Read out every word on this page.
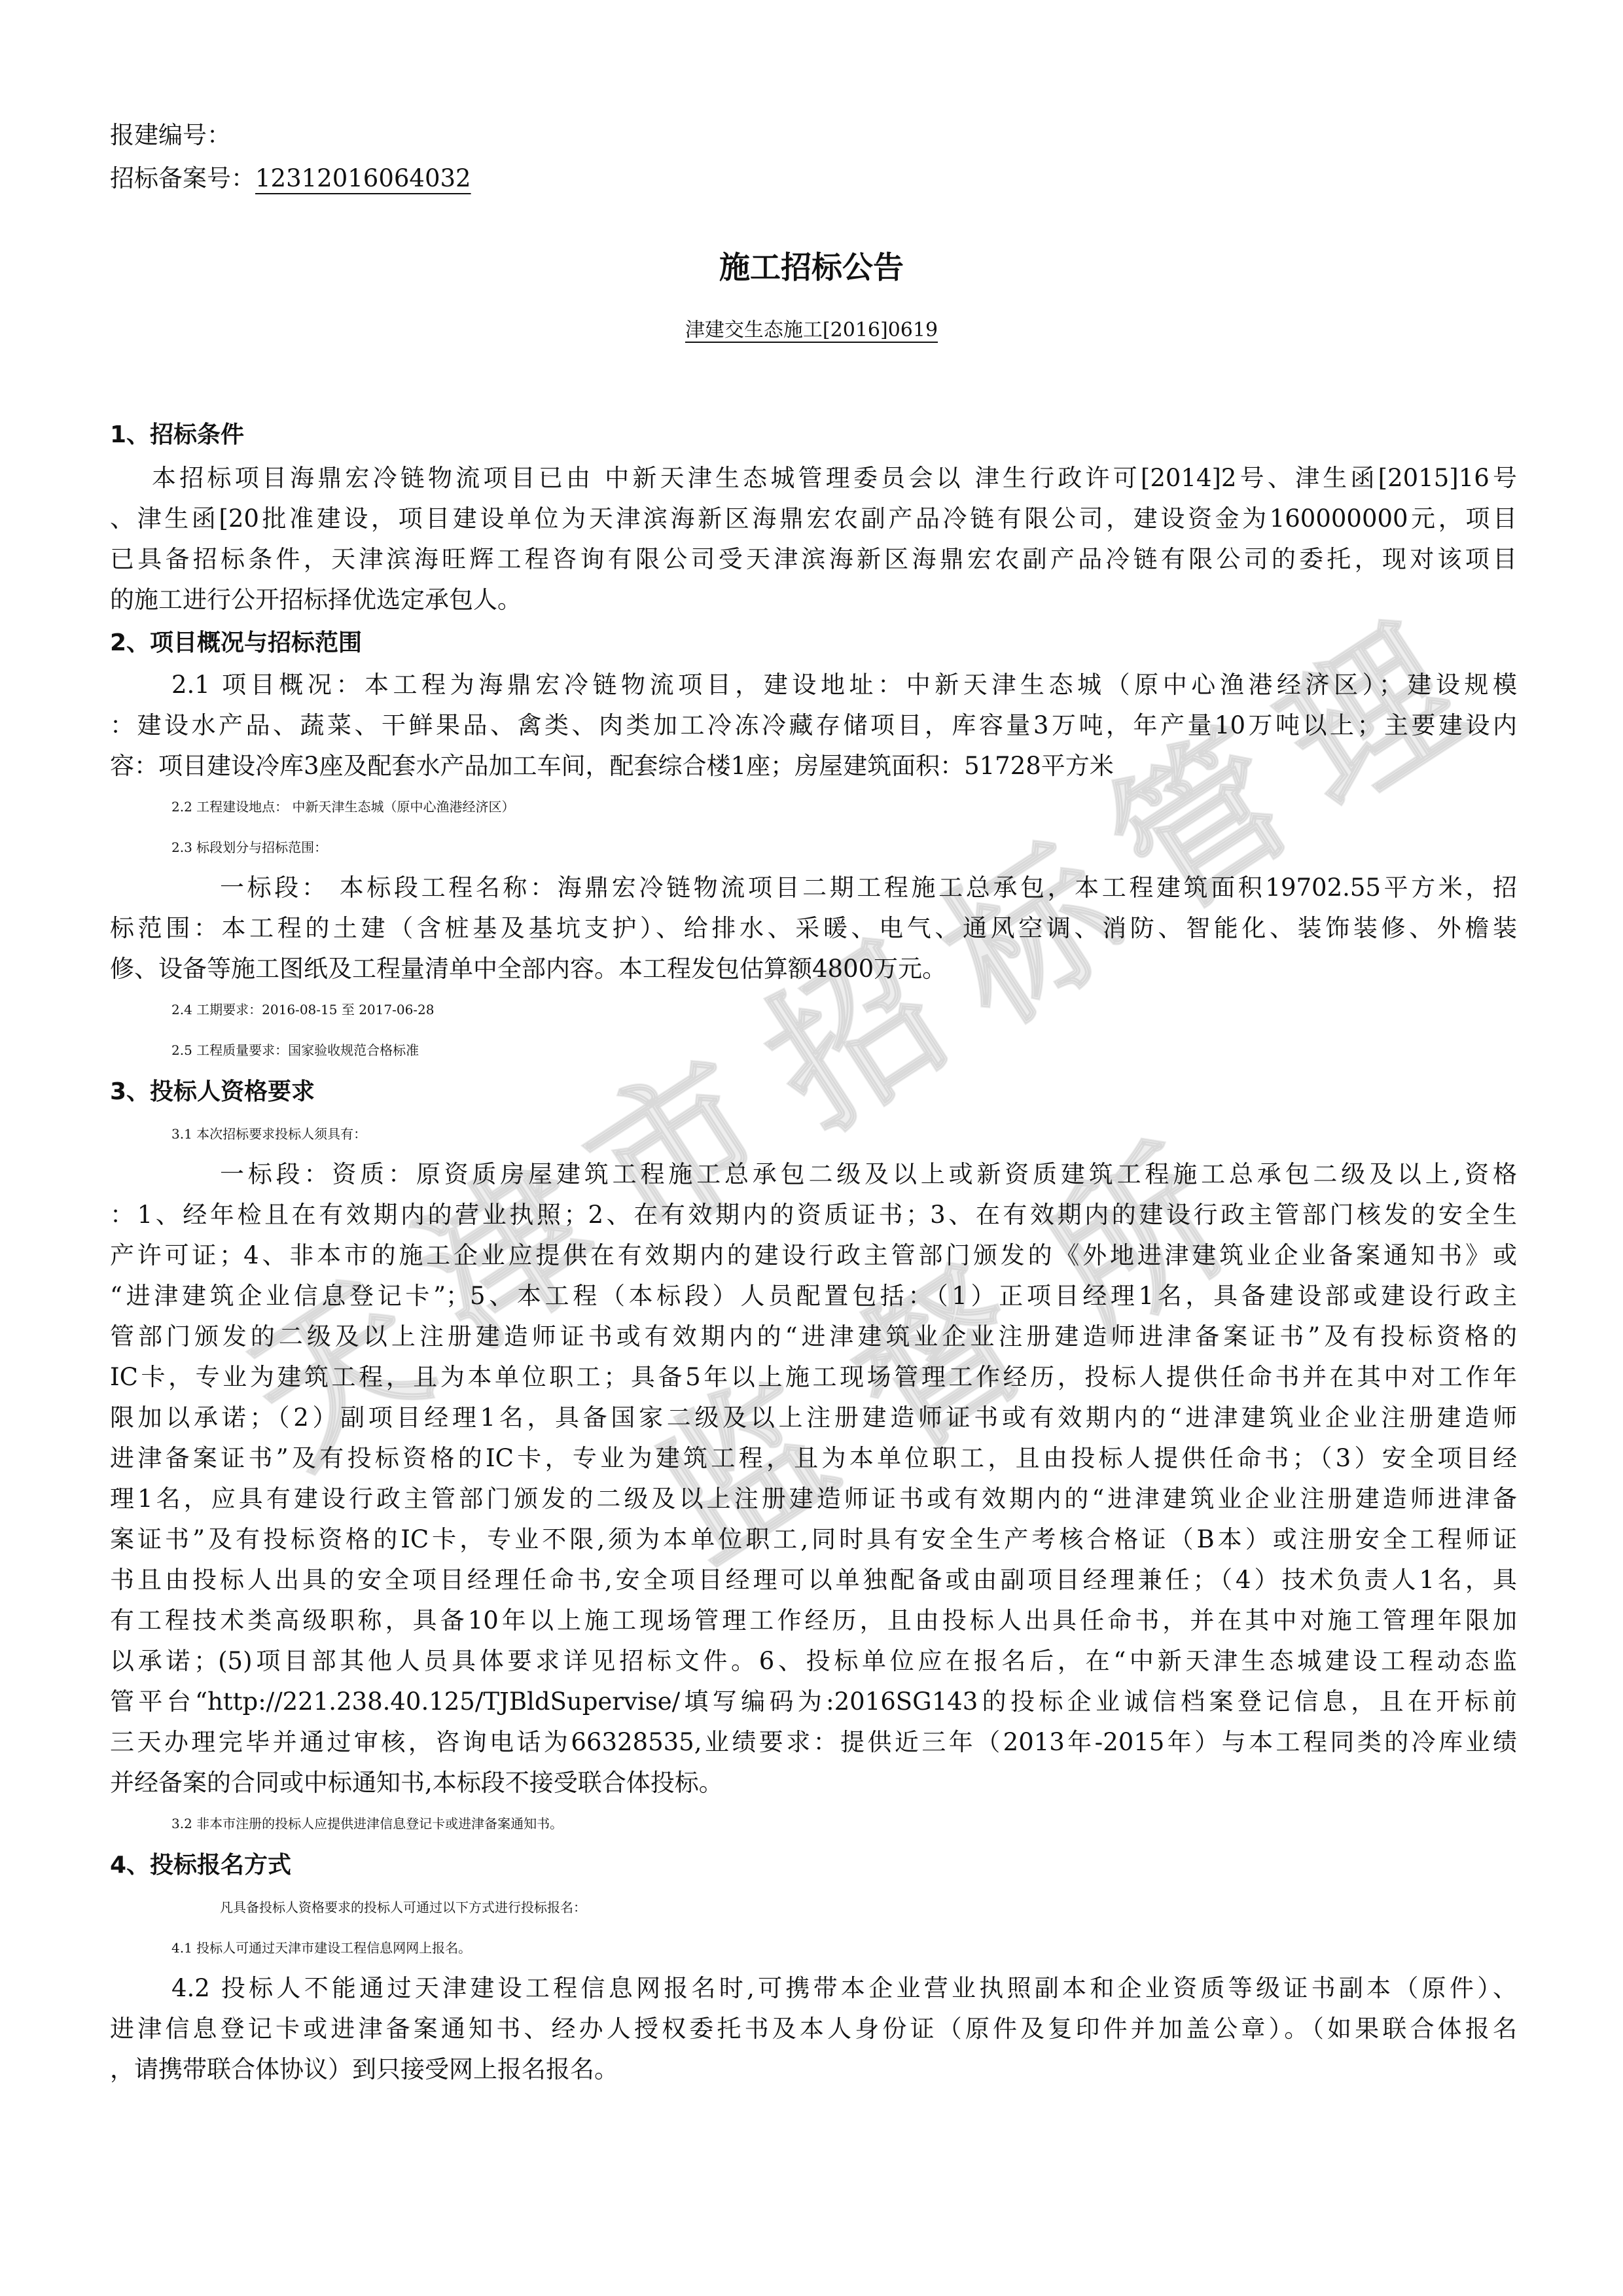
天
津
市
招
标
管
理
监
督
所
报建编号：
招标备案号：12312016064032
施工招标公告
津建交生态施工[2016]0619
1、招标条件
本招标项目海鼎宏冷链物流项目已由 中新天津生态城管理委员会以 津生行政许可[2014]2号、津生函[2015]16号
、津生函[20批准建设，项目建设单位为天津滨海新区海鼎宏农副产品冷链有限公司，建设资金为160000000元，项目
已具备招标条件，天津滨海旺辉工程咨询有限公司受天津滨海新区海鼎宏农副产品冷链有限公司的委托，现对该项目
的施工进行公开招标择优选定承包人。
2、项目概况与招标范围
2.1 项目概况：本工程为海鼎宏冷链物流项目，建设地址：中新天津生态城（原中心渔港经济区）；建设规模
：建设水产品、蔬菜、干鲜果品、禽类、肉类加工冷冻冷藏存储项目，库容量3万吨，年产量10万吨以上；主要建设内
容：项目建设冷库3座及配套水产品加工车间，配套综合楼1座；房屋建筑面积：51728平方米
2.2 工程建设地点： 中新天津生态城（原中心渔港经济区）
2.3 标段划分与招标范围：
一标段： 本标段工程名称：海鼎宏冷链物流项目二期工程施工总承包，本工程建筑面积19702.55平方米，招
标范围：本工程的土建（含桩基及基坑支护）、给排水、采暖、电气、通风空调、消防、智能化、装饰装修、外檐装
修、设备等施工图纸及工程量清单中全部内容。本工程发包估算额4800万元。
2.4 工期要求：2016-08-15 至 2017-06-28
2.5 工程质量要求：国家验收规范合格标准
3、投标人资格要求
3.1 本次招标要求投标人须具有：
一标段：资质：原资质房屋建筑工程施工总承包二级及以上或新资质建筑工程施工总承包二级及以上,资格
：1、经年检且在有效期内的营业执照；2、在有效期内的资质证书；3、在有效期内的建设行政主管部门核发的安全生
产许可证；4、非本市的施工企业应提供在有效期内的建设行政主管部门颁发的《外地进津建筑业企业备案通知书》或
“进津建筑企业信息登记卡”；5、本工程（本标段）人员配置包括：（1）正项目经理1名，具备建设部或建设行政主
管部门颁发的二级及以上注册建造师证书或有效期内的“进津建筑业企业注册建造师进津备案证书”及有投标资格的
IC卡，专业为建筑工程，且为本单位职工；具备5年以上施工现场管理工作经历，投标人提供任命书并在其中对工作年
限加以承诺；（2）副项目经理1名，具备国家二级及以上注册建造师证书或有效期内的“进津建筑业企业注册建造师
进津备案证书”及有投标资格的IC卡，专业为建筑工程，且为本单位职工，且由投标人提供任命书；（3）安全项目经
理1名，应具有建设行政主管部门颁发的二级及以上注册建造师证书或有效期内的“进津建筑业企业注册建造师进津备
案证书”及有投标资格的IC卡，专业不限,须为本单位职工,同时具有安全生产考核合格证（B本）或注册安全工程师证
书且由投标人出具的安全项目经理任命书,安全项目经理可以单独配备或由副项目经理兼任；（4）技术负责人1名，具
有工程技术类高级职称，具备10年以上施工现场管理工作经历，且由投标人出具任命书，并在其中对施工管理年限加
以承诺；(5)项目部其他人员具体要求详见招标文件。6、投标单位应在报名后，在“中新天津生态城建设工程动态监
管平台“http://221.238.40.125/TJBldSupervise/填写编码为:2016SG143的投标企业诚信档案登记信息，且在开标前
三天办理完毕并通过审核，咨询电话为66328535,业绩要求：提供近三年（2013年-2015年）与本工程同类的冷库业绩
并经备案的合同或中标通知书,本标段不接受联合体投标。
3.2 非本市注册的投标人应提供进津信息登记卡或进津备案通知书。
4、投标报名方式
凡具备投标人资格要求的投标人可通过以下方式进行投标报名：
4.1 投标人可通过天津市建设工程信息网网上报名。
4.2 投标人不能通过天津建设工程信息网报名时,可携带本企业营业执照副本和企业资质等级证书副本（原件）、
进津信息登记卡或进津备案通知书、经办人授权委托书及本人身份证（原件及复印件并加盖公章）。（如果联合体报名
，请携带联合体协议）到只接受网上报名报名。
